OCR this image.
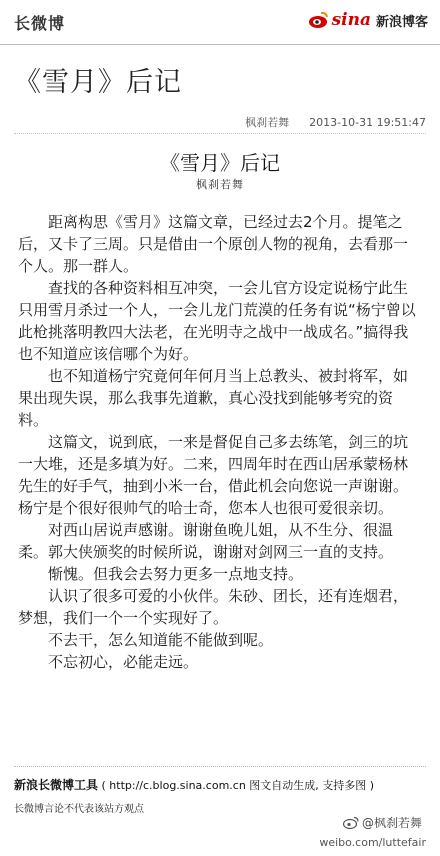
长微博	sina 新浪博客
《雪月》后记
枫刹若舞 2013-10-31 19:51:47
《雪月》后记
枫刹若舞

距离构思《雪月》这篇文章，已经过去2个月。提笔之后，又卡了三周。只是借由一个原创人物的视角，去看那一个人。那一群人。

查找的各种资料相互冲突，一会儿官方设定说杨宁此生只用雪月杀过一个人，一会儿龙门荒漠的任务有说“杨宁曾以此枪挑落明教四大法老，在光明寺之战中一战成名。”搞得我也不知道应该信哪个为好。

也不知道杨宁究竟何年何月当上总教头、被封将军，如果出现失误，那么我事先道歉，真心没找到能够考究的资料。

这篇文，说到底，一来是督促自己多去练笔，剑三的坑一大堆，还是多填为好。二来，四周年时在西山居承蒙杨林先生的好手气，抽到小米一台，借此机会向您说一声谢谢。杨宁是个很好很帅气的哈士奇，您本人也很可爱很亲切。

对西山居说声感谢。谢谢鱼晚儿姐，从不生分、很温柔。郭大侠颁奖的时候所说，谢谢对剑网三一直的支持。

惭愧。但我会去努力更多一点地支持。

认识了很多可爱的小伙伴。朱砂、团长，还有连烟君，梦想，我们一个一个实现好了。

不去干，怎么知道能不能做到呢。

不忘初心，必能走远。

新浪长微博工具 ( http://c.blog.sina.com.cn 图文自动生成, 支持多图 )
长微博言论不代表该站方观点
@枫刹若舞
weibo.com/luttefair
